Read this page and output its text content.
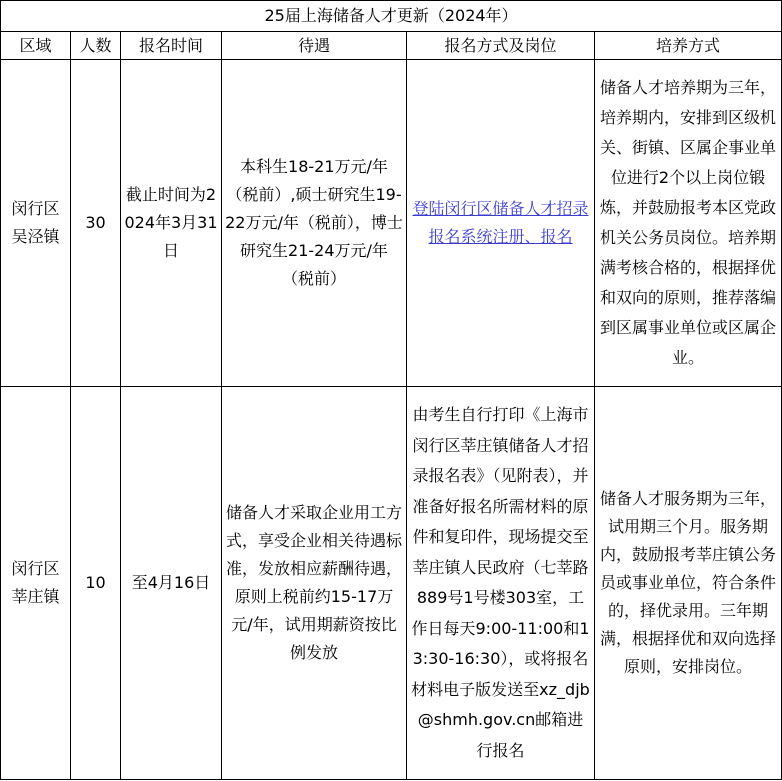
25届上海储备人才更新（2024年）					
区域	人数	报名时间	待遇	报名方式及岗位	培养方式
闵行区吴泾镇	30	截止时间为2024年3月31日	本科生18-21万元/年（税前）,硕士研究生19-22万元/年（税前），博士研究生21-24万元/年（税前）	登陆闵行区储备人才招录报名系统注册、报名	储备人才培养期为三年，培养期内，安排到区级机关、街镇、区属企事业单位进行2个以上岗位锻炼，并鼓励报考本区党政机关公务员岗位。培养期满考核合格的，根据择优和双向的原则，推荐落编到区属事业单位或区属企业。
闵行区莘庄镇	10	至4月16日	储备人才采取企业用工方式，享受企业相关待遇标准，发放相应薪酬待遇，原则上税前约15-17万元/年，试用期薪资按比例发放	由考生自行打印《上海市闵行区莘庄镇储备人才招录报名表》（见附表），并准备好报名所需材料的原件和复印件，现场提交至莘庄镇人民政府（七莘路889号1号楼303室，工作日每天9:00-11:00和13:30-16:30），或将报名材料电子版发送至xz_djb@shmh.gov.cn邮箱进行报名	储备人才服务期为三年，试用期三个月。服务期内，鼓励报考莘庄镇公务员或事业单位，符合条件的，择优录用。三年期满，根据择优和双向选择原则，安排岗位。
